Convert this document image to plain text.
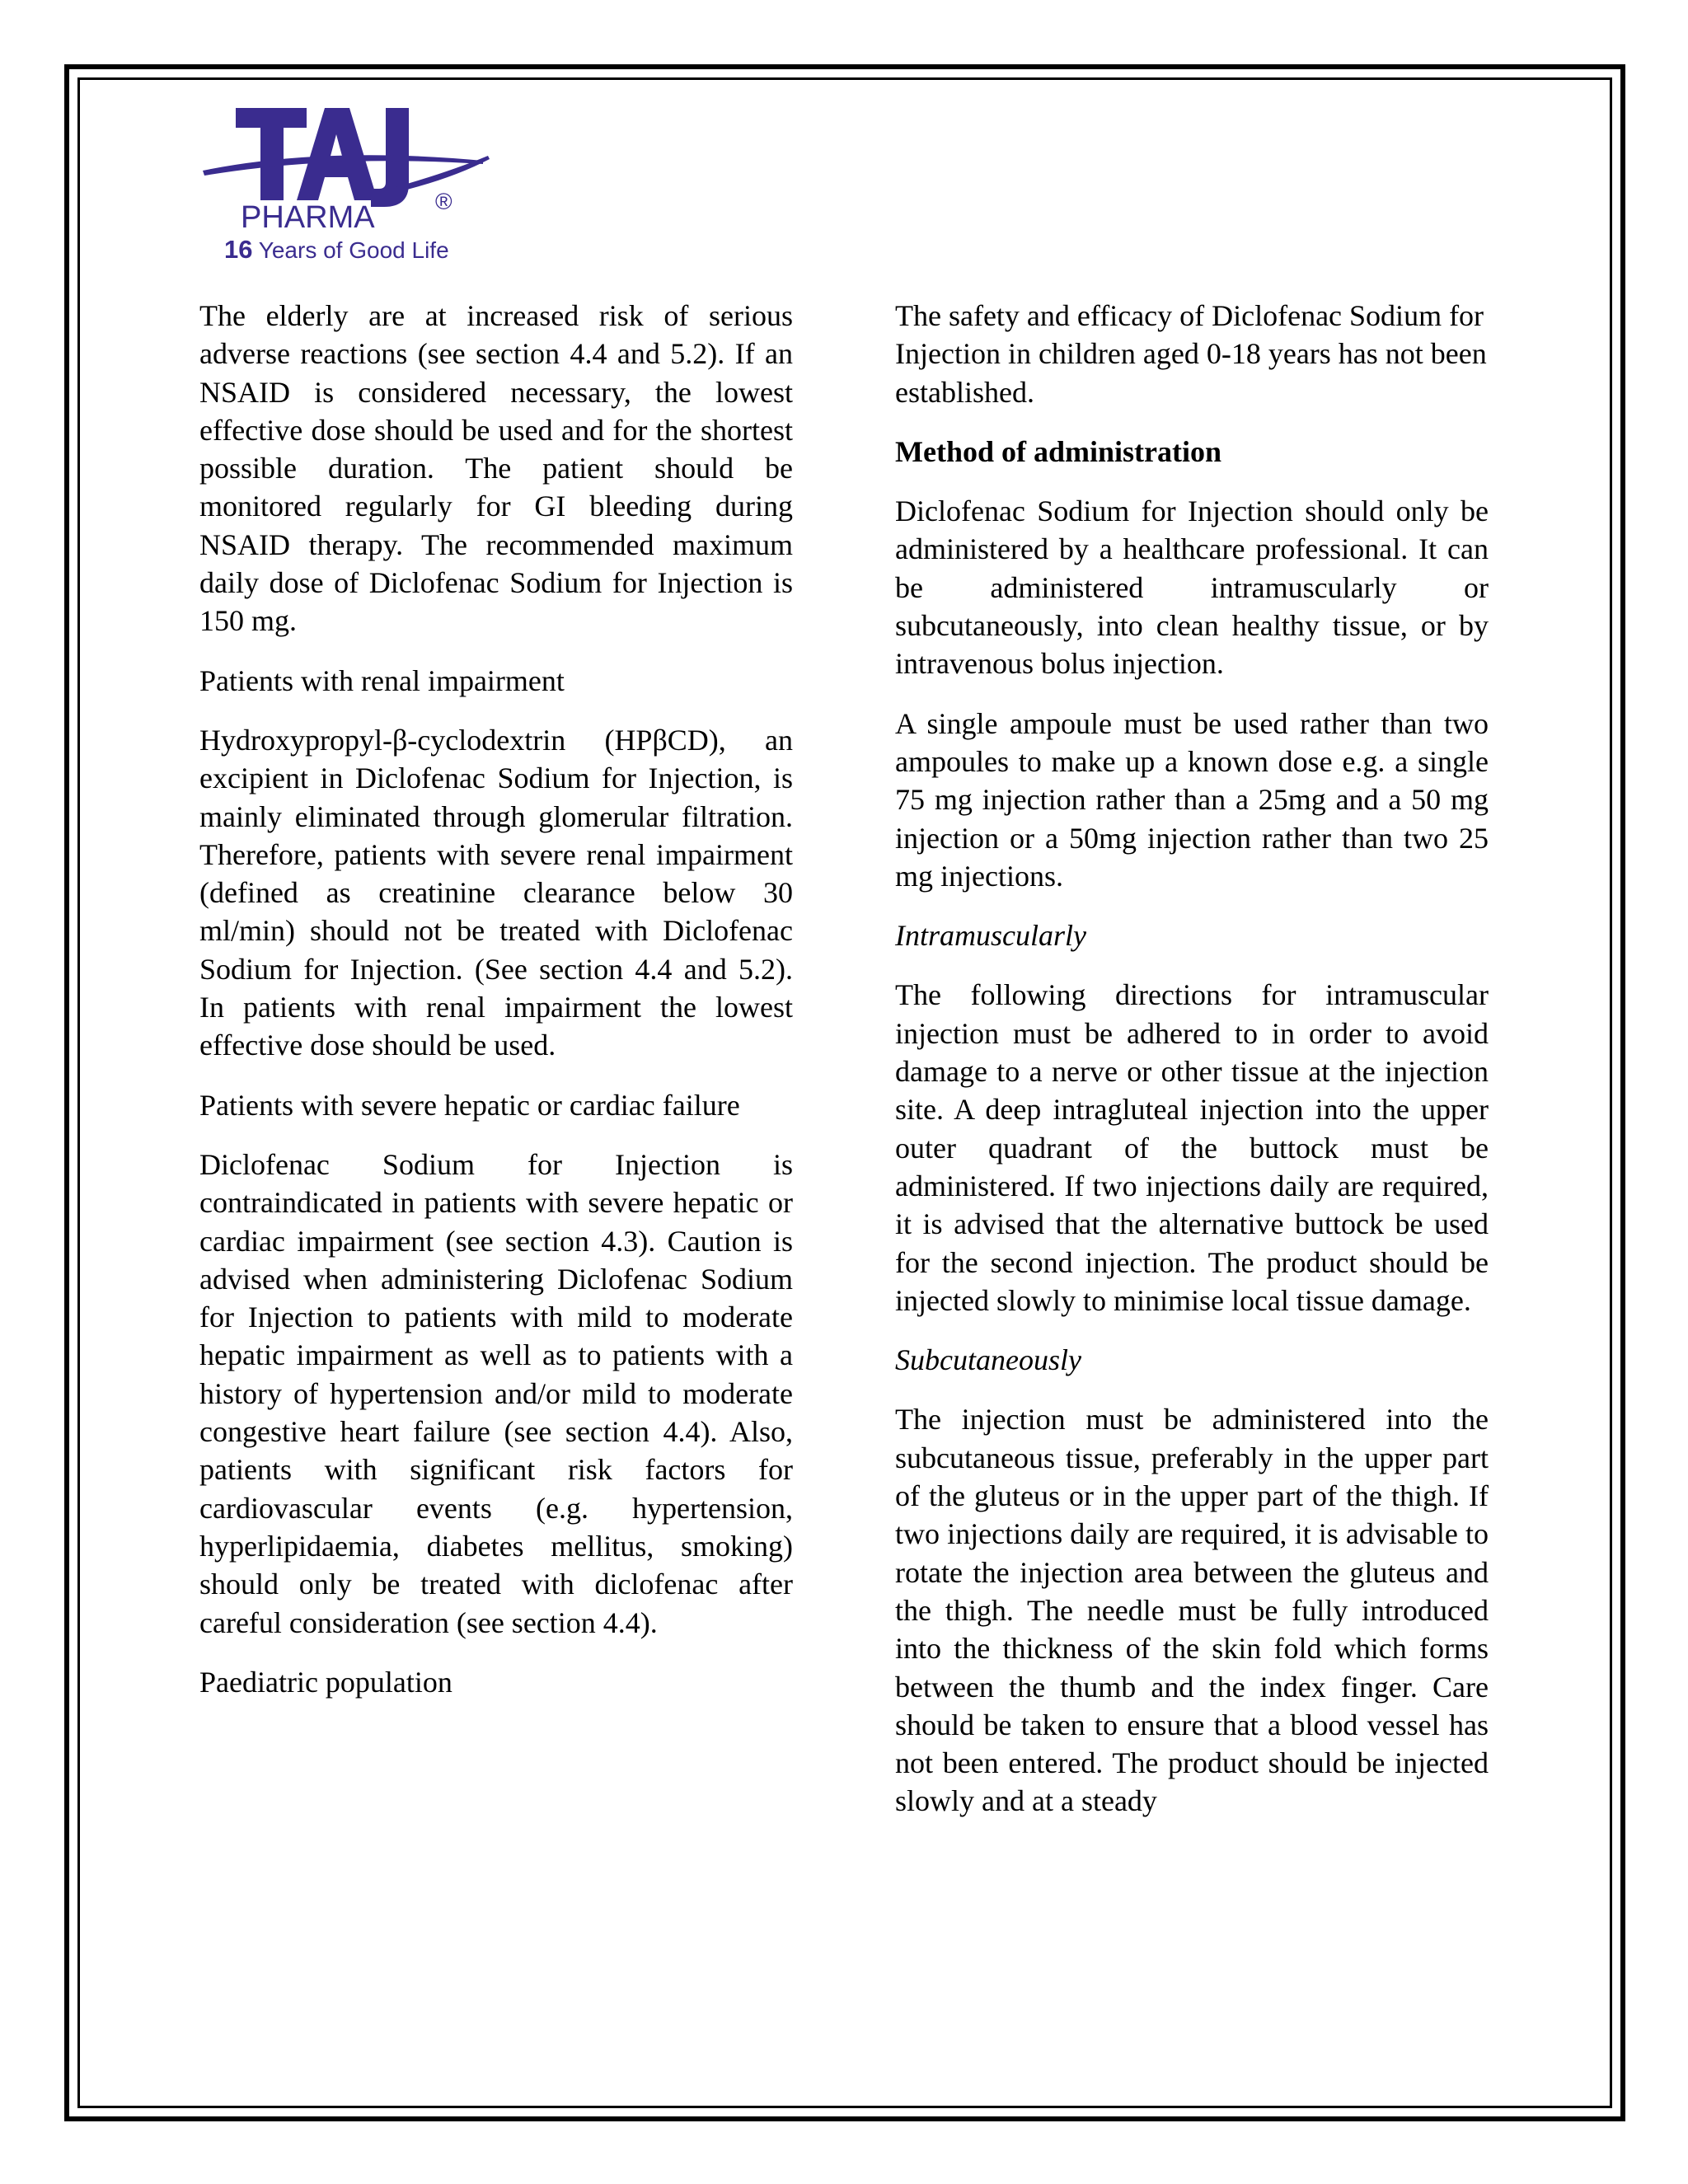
PHARMA	®
16 Years of Good Life

The elderly are at increased risk of serious adverse reactions (see section 4.4 and 5.2). If an NSAID is considered necessary, the lowest effective dose should be used and for the shortest possible duration. The patient should be monitored regularly for GI bleeding during NSAID therapy. The recommended maximum daily dose of Diclofenac Sodium for Injection is 150 mg.

Patients with renal impairment

Hydroxypropyl-β-cyclodextrin (HPβCD), an excipient in Diclofenac Sodium for Injection, is mainly eliminated through glomerular filtration. Therefore, patients with severe renal impairment (defined as creatinine clearance below 30 ml/min) should not be treated with Diclofenac Sodium for Injection. (See section 4.4 and 5.2). In patients with renal impairment the lowest effective dose should be used.

Patients with severe hepatic or cardiac failure

Diclofenac Sodium for Injection is contraindicated in patients with severe hepatic or cardiac impairment (see section 4.3). Caution is advised when administering Diclofenac Sodium for Injection to patients with mild to moderate hepatic impairment as well as to patients with a history of hypertension and/or mild to moderate congestive heart failure (see section 4.4). Also, patients with significant risk factors for cardiovascular events (e.g. hypertension, hyperlipidaemia, diabetes mellitus, smoking) should only be treated with diclofenac after careful consideration (see section 4.4).

Paediatric population

The safety and efficacy of Diclofenac Sodium for Injection in children aged 0-18 years has not been established.

Method of administration

Diclofenac Sodium for Injection should only be administered by a healthcare professional. It can be administered intramuscularly or subcutaneously, into clean healthy tissue, or by intravenous bolus injection.

A single ampoule must be used rather than two ampoules to make up a known dose e.g. a single 75 mg injection rather than a 25mg and a 50 mg injection or a 50mg injection rather than two 25 mg injections.

Intramuscularly

The following directions for intramuscular injection must be adhered to in order to avoid damage to a nerve or other tissue at the injection site. A deep intragluteal injection into the upper outer quadrant of the buttock must be administered. If two injections daily are required, it is advised that the alternative buttock be used for the second injection. The product should be injected slowly to minimise local tissue damage.

Subcutaneously

The injection must be administered into the subcutaneous tissue, preferably in the upper part of the gluteus or in the upper part of the thigh. If two injections daily are required, it is advisable to rotate the injection area between the gluteus and the thigh. The needle must be fully introduced into the thickness of the skin fold which forms between the thumb and the index finger. Care should be taken to ensure that a blood vessel has not been entered. The product should be injected slowly and at a steady
